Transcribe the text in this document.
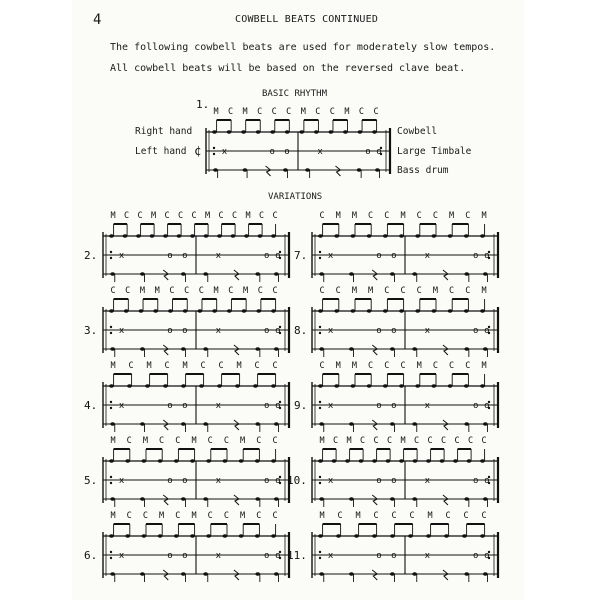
4	COWBELL BEATS CONTINUED

The following cowbell beats are used for moderately slow tempos.

All cowbell beats will be based on the reversed clave beat.

BASIC RHYTHM

Right hand

Left hand

Cowbell

Large Timbale

Bass drum

VARIATIONS

1.
¢
M C M C C C M C C M C C
x	o o	x	o o
2.
M C C M C C C M C C M C C
x	o o	x	o o
3.
C C M M C C C M C M C C
x	o o	x	o o
4.
M C M C M C C M C C
x	o o	x	o o
5.
M C M C C M C C M C C
x	o o	x	o o
6.
M C C M C M C C M C C
x	o o	x	o o
7.
C M M C C M C C M C M
x	o o	x	o o
8.
C C M M C C C M C C M
x	o o	x	o o
9.
C M M C C C M C C C M
x	o o	x	o o
10.
M C M C C C M C C C C C C
x	o o	x	o o
11.
M C M C C C M C C C
x	o o	x	o o
